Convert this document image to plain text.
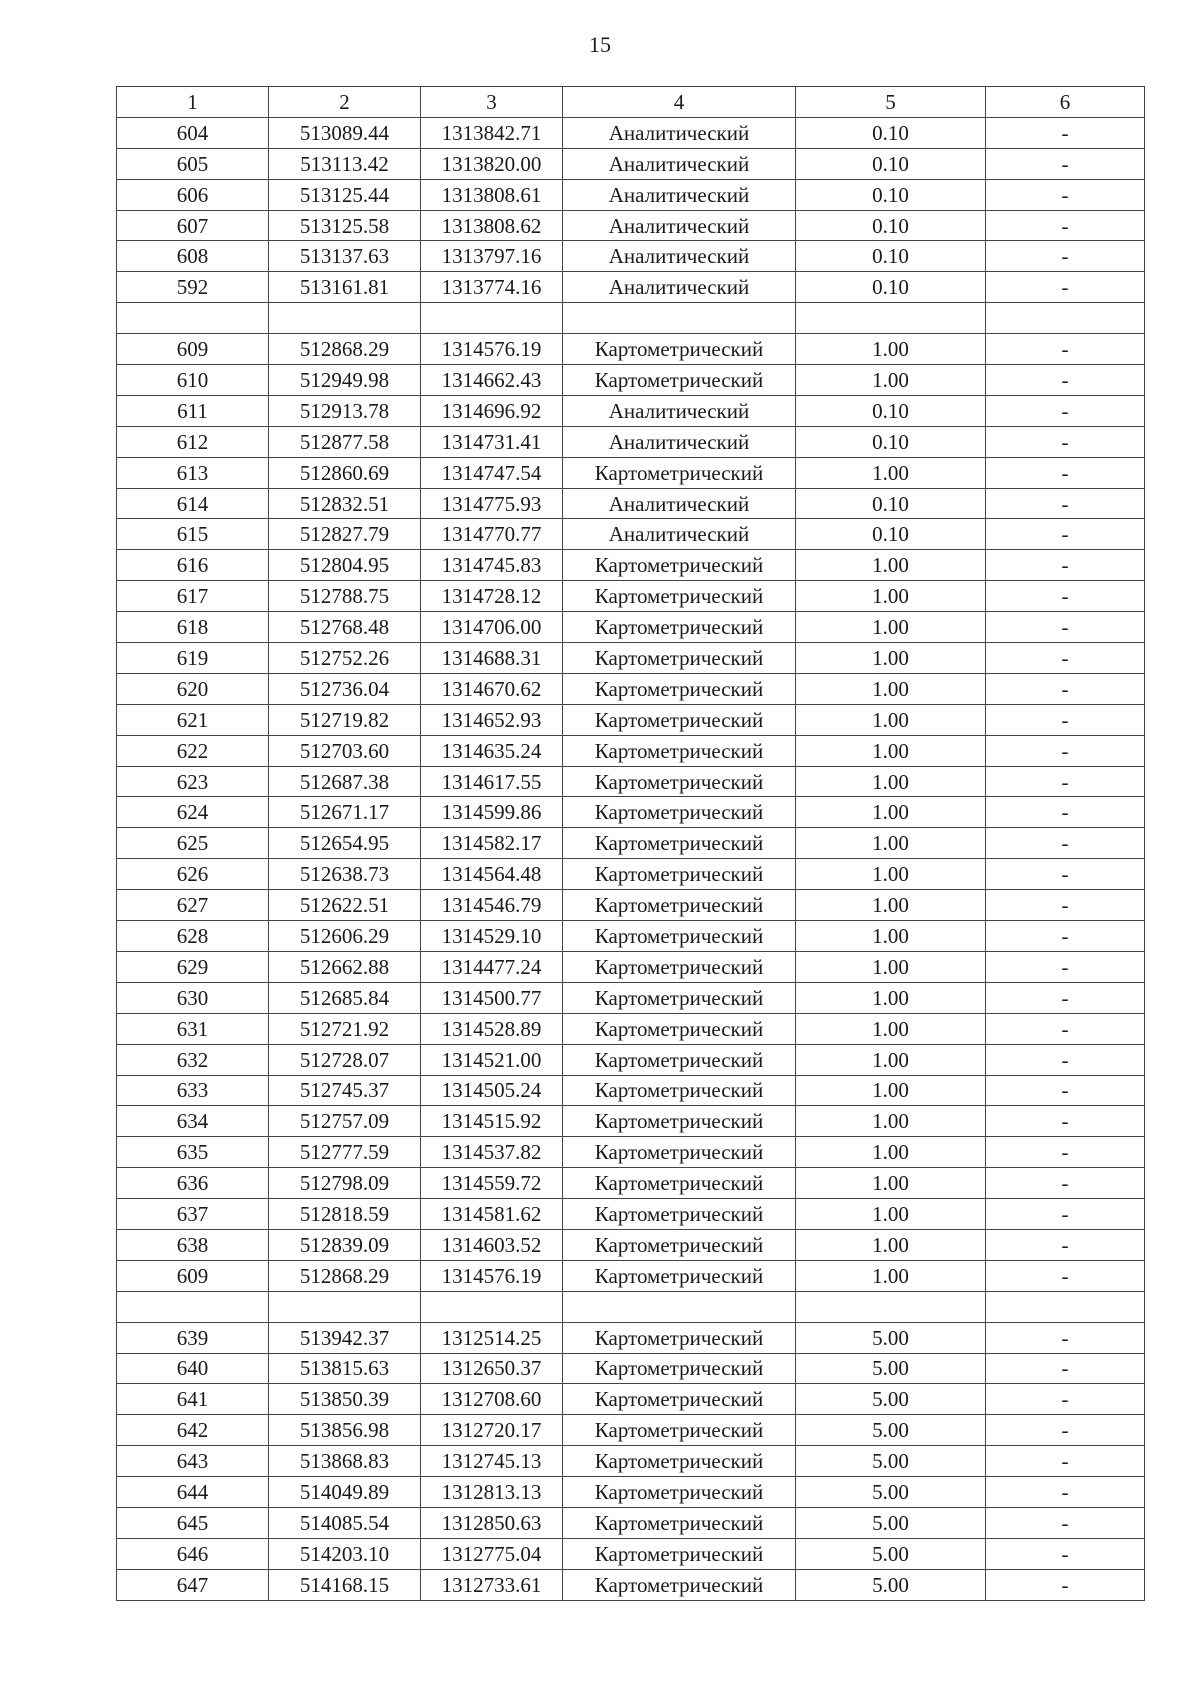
15
1	2	3	4	5	6
604	513089.44	1313842.71	Аналитический	0.10	-
605	513113.42	1313820.00	Аналитический	0.10	-
606	513125.44	1313808.61	Аналитический	0.10	-
607	513125.58	1313808.62	Аналитический	0.10	-
608	513137.63	1313797.16	Аналитический	0.10	-
592	513161.81	1313774.16	Аналитический	0.10	-

609	512868.29	1314576.19	Картометрический	1.00	-
610	512949.98	1314662.43	Картометрический	1.00	-
611	512913.78	1314696.92	Аналитический	0.10	-
612	512877.58	1314731.41	Аналитический	0.10	-
613	512860.69	1314747.54	Картометрический	1.00	-
614	512832.51	1314775.93	Аналитический	0.10	-
615	512827.79	1314770.77	Аналитический	0.10	-
616	512804.95	1314745.83	Картометрический	1.00	-
617	512788.75	1314728.12	Картометрический	1.00	-
618	512768.48	1314706.00	Картометрический	1.00	-
619	512752.26	1314688.31	Картометрический	1.00	-
620	512736.04	1314670.62	Картометрический	1.00	-
621	512719.82	1314652.93	Картометрический	1.00	-
622	512703.60	1314635.24	Картометрический	1.00	-
623	512687.38	1314617.55	Картометрический	1.00	-
624	512671.17	1314599.86	Картометрический	1.00	-
625	512654.95	1314582.17	Картометрический	1.00	-
626	512638.73	1314564.48	Картометрический	1.00	-
627	512622.51	1314546.79	Картометрический	1.00	-
628	512606.29	1314529.10	Картометрический	1.00	-
629	512662.88	1314477.24	Картометрический	1.00	-
630	512685.84	1314500.77	Картометрический	1.00	-
631	512721.92	1314528.89	Картометрический	1.00	-
632	512728.07	1314521.00	Картометрический	1.00	-
633	512745.37	1314505.24	Картометрический	1.00	-
634	512757.09	1314515.92	Картометрический	1.00	-
635	512777.59	1314537.82	Картометрический	1.00	-
636	512798.09	1314559.72	Картометрический	1.00	-
637	512818.59	1314581.62	Картометрический	1.00	-
638	512839.09	1314603.52	Картометрический	1.00	-
609	512868.29	1314576.19	Картометрический	1.00	-

639	513942.37	1312514.25	Картометрический	5.00	-
640	513815.63	1312650.37	Картометрический	5.00	-
641	513850.39	1312708.60	Картометрический	5.00	-
642	513856.98	1312720.17	Картометрический	5.00	-
643	513868.83	1312745.13	Картометрический	5.00	-
644	514049.89	1312813.13	Картометрический	5.00	-
645	514085.54	1312850.63	Картометрический	5.00	-
646	514203.10	1312775.04	Картометрический	5.00	-
647	514168.15	1312733.61	Картометрический	5.00	-
